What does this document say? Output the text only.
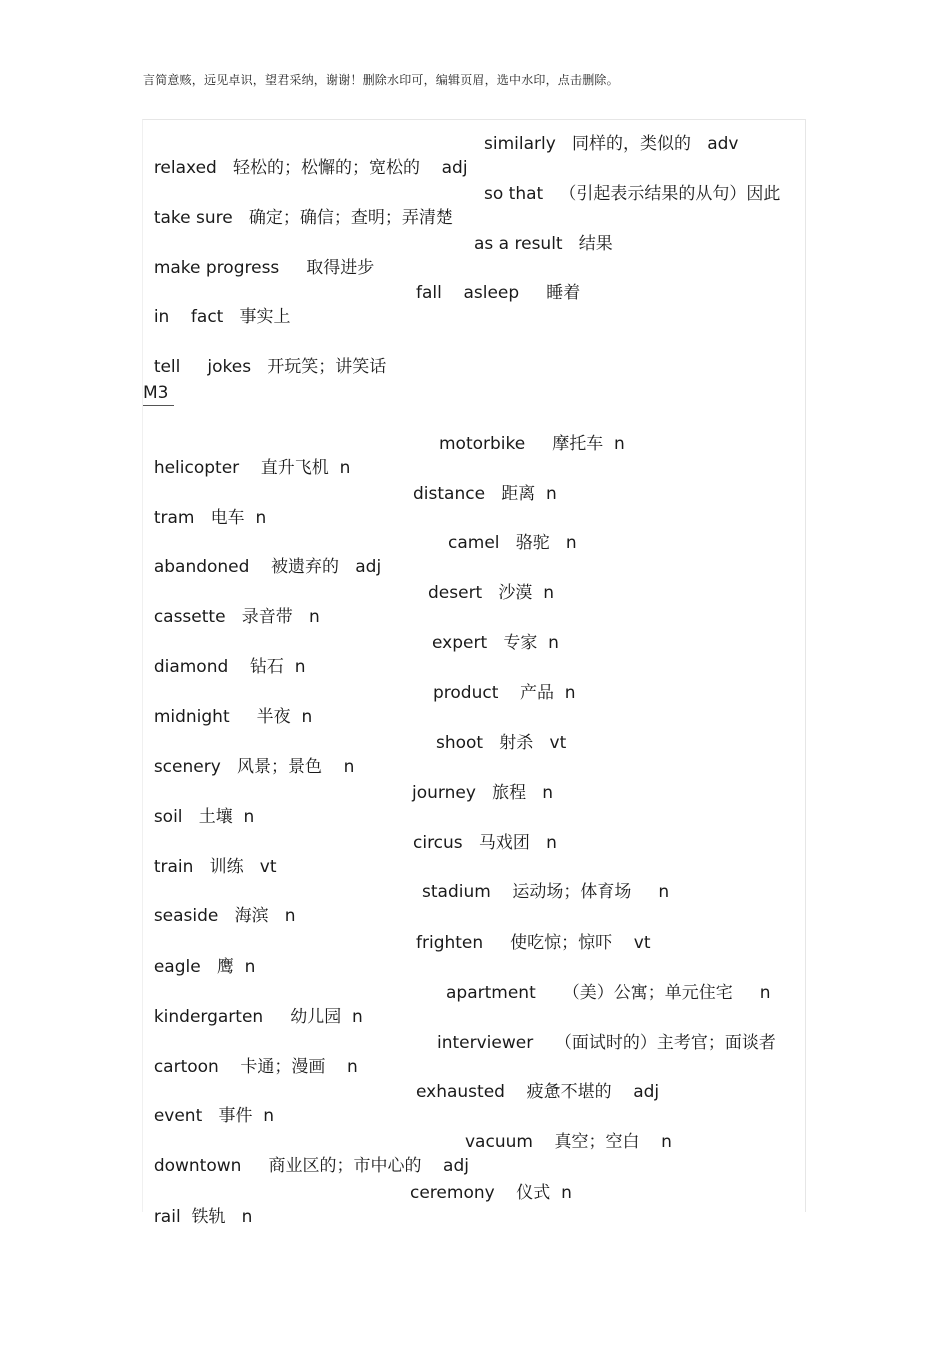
言简意赅，远见卓识，望君采纳，谢谢！删除水印可，编辑页眉，选中水印，点击删除。

relaxed   轻松的；松懈的；宽松的    adj

similarly   同样的，类似的   adv

take sure   确定；确信；查明；弄清楚

so that   （引起表示结果的从句）因此

make progress     取得进步

as a result   结果

in    fact   事实上

fall    asleep     睡着

tell     jokes   开玩笑；讲笑话

M3

helicopter    直升飞机  n

motorbike     摩托车  n

tram   电车  n

distance   距离  n

abandoned    被遗弃的   adj

camel   骆驼   n

cassette   录音带   n

desert   沙漠  n

diamond    钻石  n

expert   专家  n

midnight     半夜  n

product    产品  n

scenery   风景；景色    n

shoot   射杀   vt

soil   土壤  n

journey   旅程   n

train   训练   vt

circus   马戏团   n

seaside   海滨   n

stadium    运动场；体育场     n

eagle   鹰  n

frighten     使吃惊；惊吓    vt

kindergarten     幼儿园  n

apartment     （美）公寓；单元住宅     n

cartoon    卡通；漫画    n

interviewer    （面试时的）主考官；面谈者

event   事件  n

exhausted    疲惫不堪的    adj

downtown     商业区的；市中心的    adj

vacuum    真空；空白    n

rail  铁轨   n

ceremony    仪式  n
